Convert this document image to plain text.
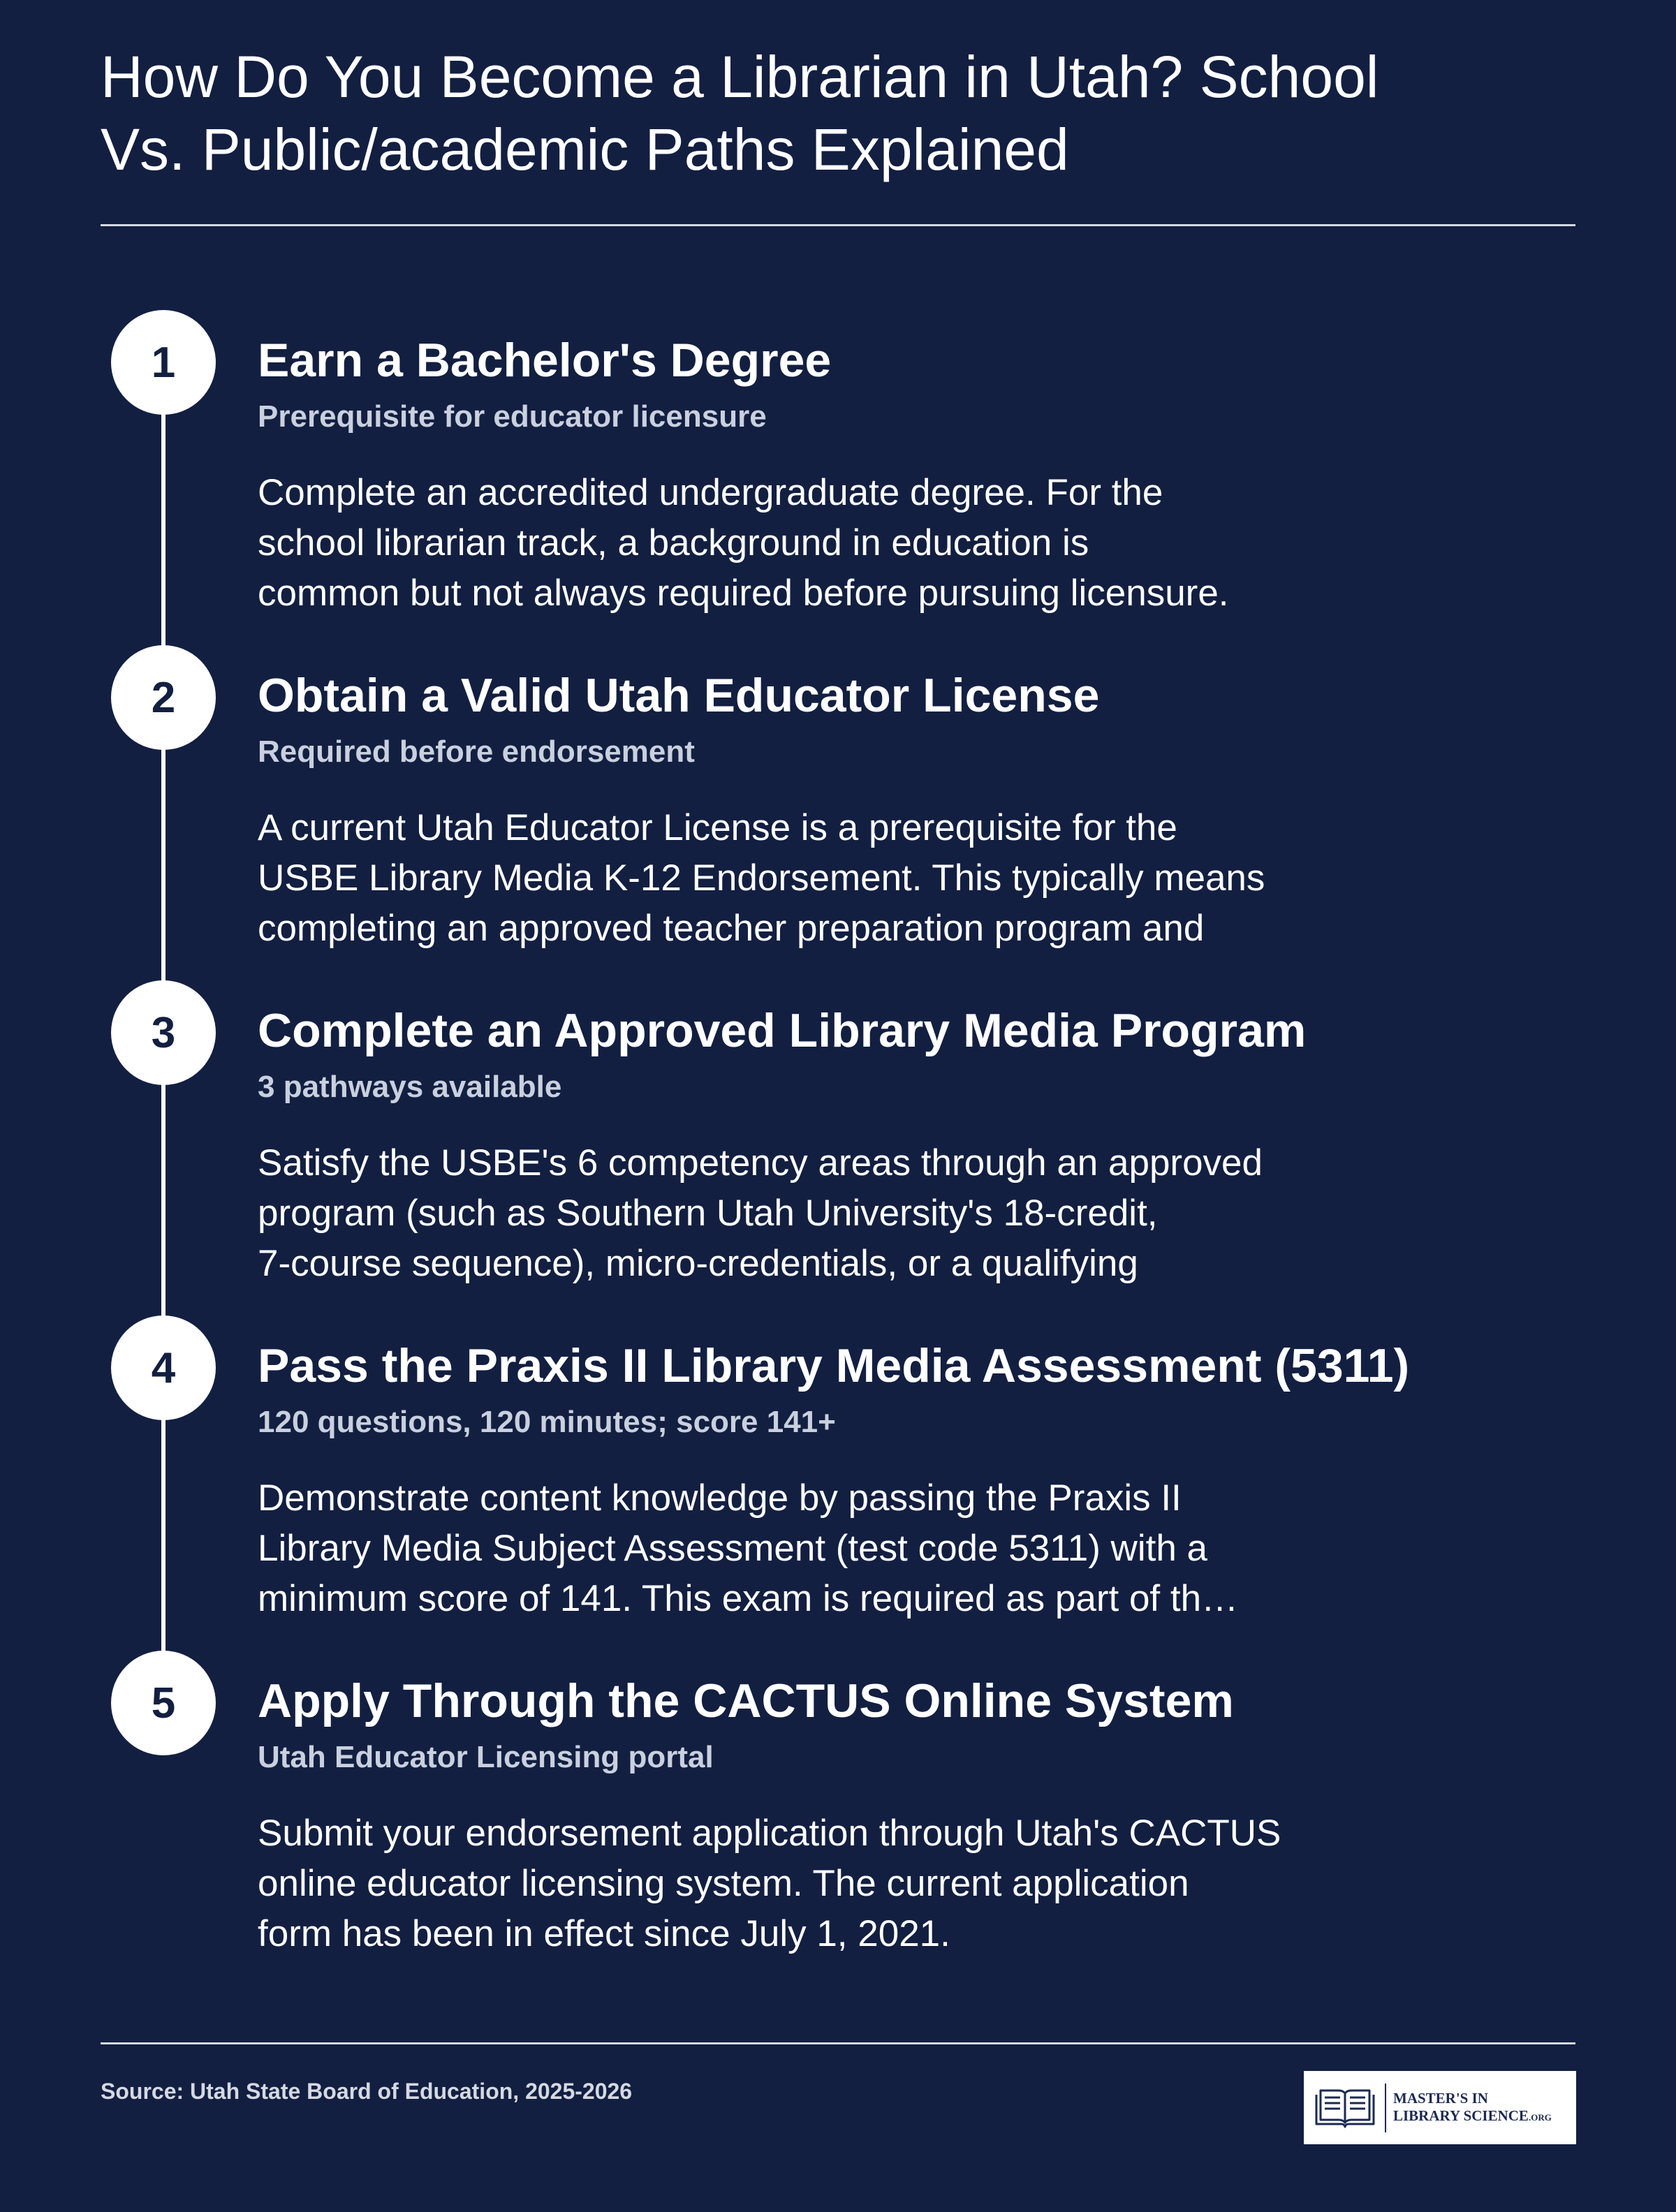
How Do You Become a Librarian in Utah? School
Vs. Public/academic Paths Explained
1	Earn a Bachelor's Degree
Prerequisite for educator licensure

Complete an accredited undergraduate degree. For the
school librarian track, a background in education is
common but not always required before pursuing licensure.

2	Obtain a Valid Utah Educator License
Required before endorsement

A current Utah Educator License is a prerequisite for the
USBE Library Media K-12 Endorsement. This typically means
completing an approved teacher preparation program and

3	Complete an Approved Library Media Program
3 pathways available

Satisfy the USBE's 6 competency areas through an approved
program (such as Southern Utah University's 18-credit,
7-course sequence), micro-credentials, or a qualifying

4	Pass the Praxis II Library Media Assessment (5311)
120 questions, 120 minutes; score 141+

Demonstrate content knowledge by passing the Praxis II
Library Media Subject Assessment (test code 5311) with a
minimum score of 141. This exam is required as part of th…

5	Apply Through the CACTUS Online System
Utah Educator Licensing portal

Submit your endorsement application through Utah's CACTUS
online educator licensing system. The current application
form has been in effect since July 1, 2021.

Source: Utah State Board of Education, 2025-2026	MASTER'S IN
LIBRARY SCIENCE.ORG
